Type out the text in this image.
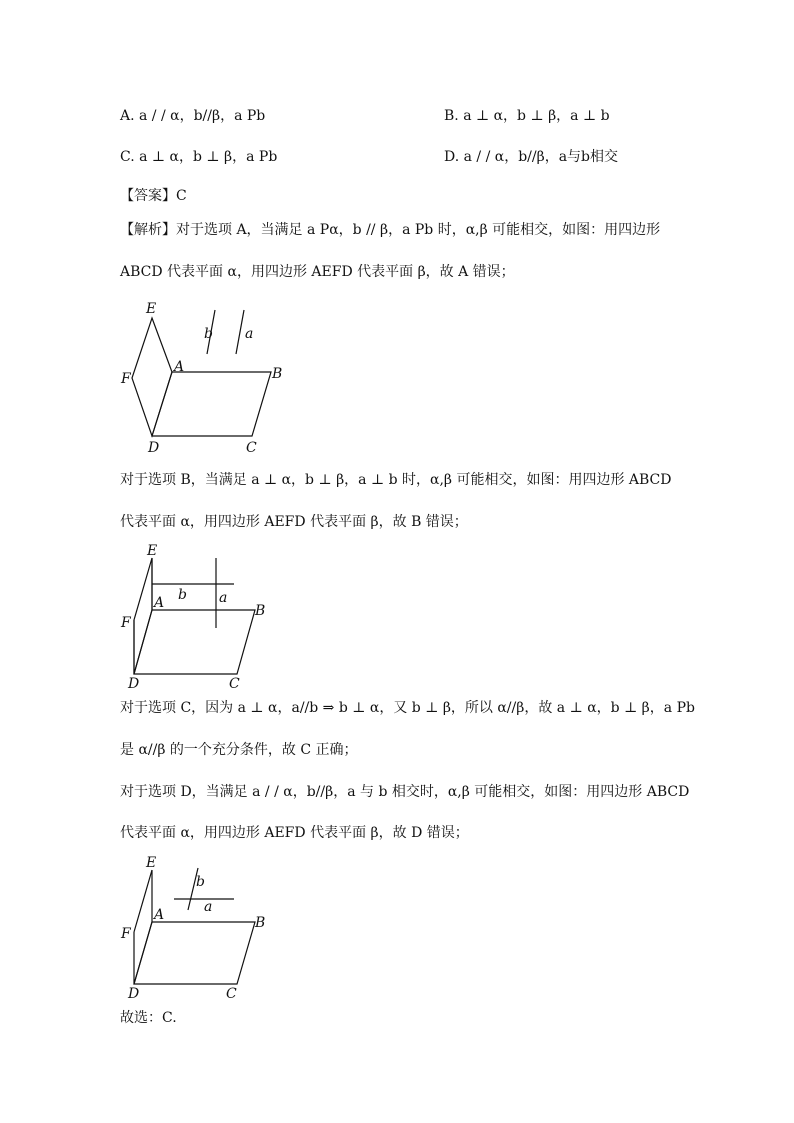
A. a / / α，b//β，a Pb	B. a ⊥ α，b ⊥ β，a ⊥ b
C. a ⊥ α，b ⊥ β，a Pb	D. a / / α，b//β，a与b相交
【答案】C
【解析】对于选项 A，当满足 a Pα，b // β，a Pb 时，α,β 可能相交，如图：用四边形
ABCD 代表平面 α，用四边形 AEFD 代表平面 β，故 A 错误；
E
F
A	B
C
D
b a
对于选项 B，当满足 a ⊥ α，b ⊥ β，a ⊥ b 时，α,β 可能相交，如图：用四边形 ABCD
代表平面 α，用四边形 AEFD 代表平面 β，故 B 错误；
E
F
A	B
C
D
b a
对于选项 C，因为 a ⊥ α，a//b ⇒ b ⊥ α，又 b ⊥ β，所以 α//β，故 a ⊥ α，b ⊥ β，a Pb
是 α//β 的一个充分条件，故 C 正确；
对于选项 D，当满足 a / / α，b//β，a 与 b 相交时，α,β 可能相交，如图：用四边形 ABCD
代表平面 α，用四边形 AEFD 代表平面 β，故 D 错误；
E
F
A	B
C
D
b
a
故选：C.
